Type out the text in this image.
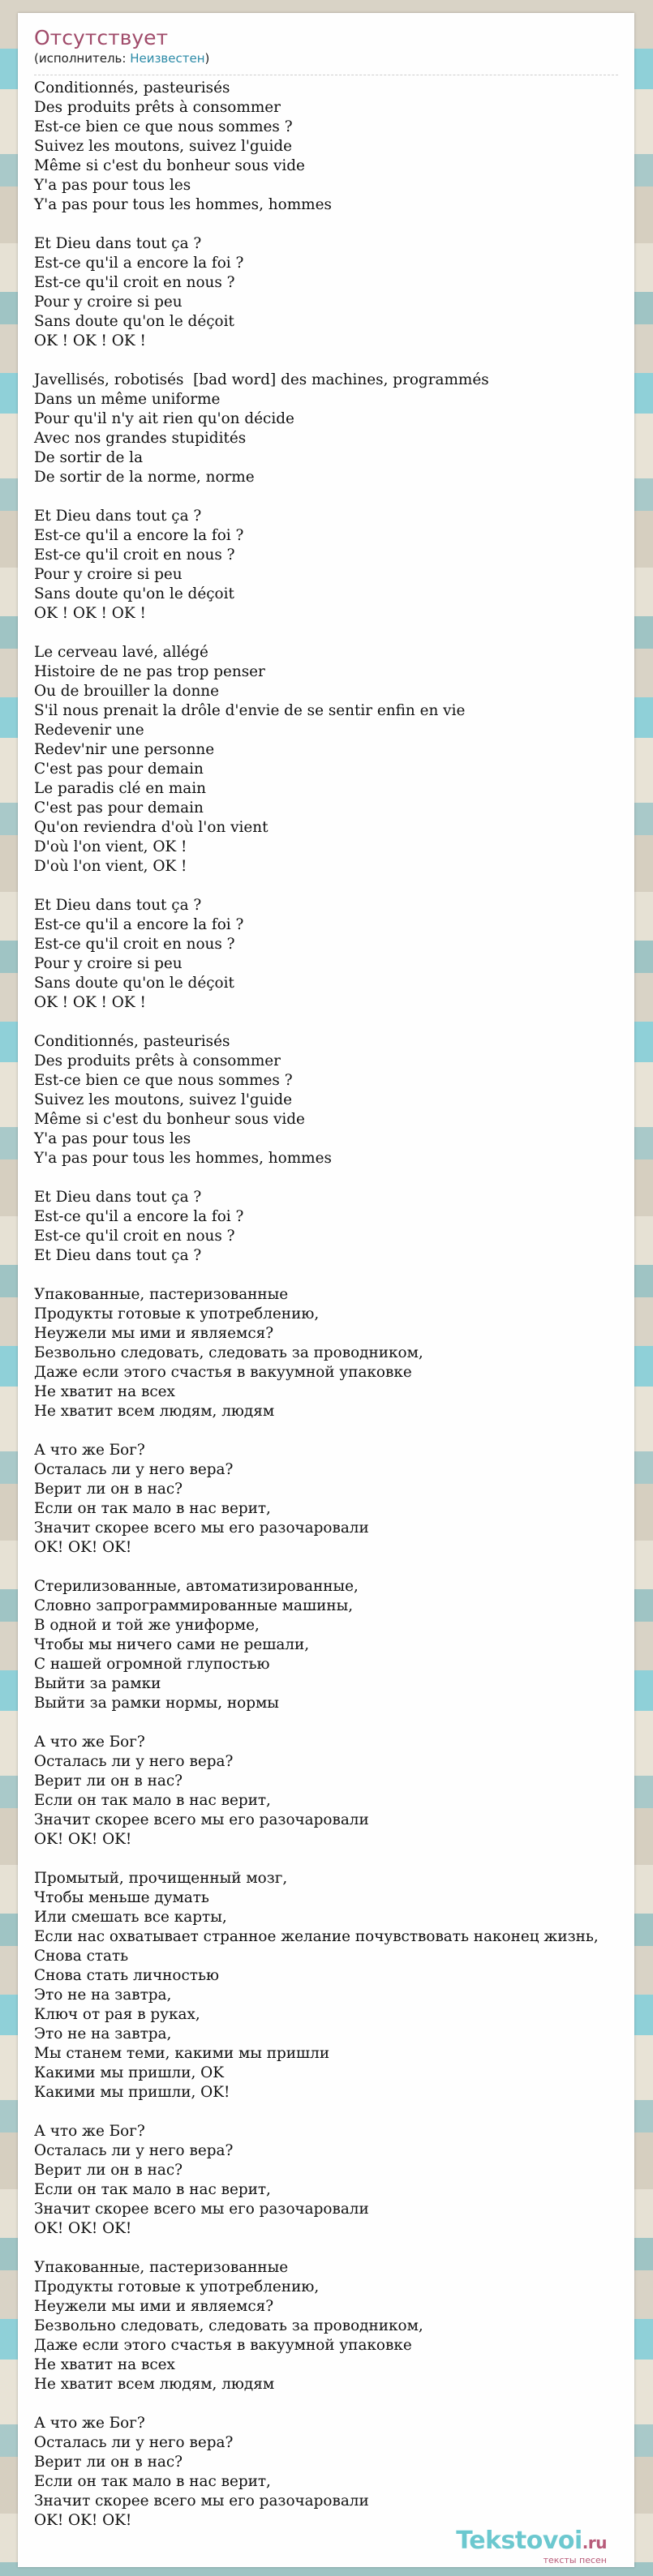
Отсутствует
(исполнитель: Неизвестен)
Conditionnés, pasteurisés
Des produits prêts à consommer
Est-ce bien ce que nous sommes ?
Suivez les moutons, suivez l'guide
Même si c'est du bonheur sous vide
Y'a pas pour tous les
Y'a pas pour tous les hommes, hommes
Et Dieu dans tout ça ?
Est-ce qu'il a encore la foi ?
Est-ce qu'il croit en nous ?
Pour y croire si peu
Sans doute qu'on le déçoit
OK ! OK ! OK !
Javellisés, robotisés  [bad word] des machines, programmés
Dans un même uniforme
Pour qu'il n'y ait rien qu'on décide
Avec nos grandes stupidités
De sortir de la
De sortir de la norme, norme
Et Dieu dans tout ça ?
Est-ce qu'il a encore la foi ?
Est-ce qu'il croit en nous ?
Pour y croire si peu
Sans doute qu'on le déçoit
OK ! OK ! OK !
Le cerveau lavé, allégé
Histoire de ne pas trop penser
Ou de brouiller la donne
S'il nous prenait la drôle d'envie de se sentir enfin en vie
Redevenir une
Redev'nir une personne
C'est pas pour demain
Le paradis clé en main
C'est pas pour demain
Qu'on reviendra d'où l'on vient
D'où l'on vient, OK !
D'où l'on vient, OK !
Et Dieu dans tout ça ?
Est-ce qu'il a encore la foi ?
Est-ce qu'il croit en nous ?
Pour y croire si peu
Sans doute qu'on le déçoit
OK ! OK ! OK !
Conditionnés, pasteurisés
Des produits prêts à consommer
Est-ce bien ce que nous sommes ?
Suivez les moutons, suivez l'guide
Même si c'est du bonheur sous vide
Y'a pas pour tous les
Y'a pas pour tous les hommes, hommes
Et Dieu dans tout ça ?
Est-ce qu'il a encore la foi ?
Est-ce qu'il croit en nous ?
Et Dieu dans tout ça ?
Упакованные, пастеризованные
Продукты готовые к употреблению,
Неужели мы ими и являемся?
Безвольно следовать, следовать за проводником,
Даже если этого счастья в вакуумной упаковке
Не хватит на всех
Не хватит всем людям, людям
А что же Бог?
Осталась ли у него вера?
Верит ли он в нас?
Если он так мало в нас верит,
Значит скорее всего мы его разочаровали
OK! OK! OK!
Стерилизованные, автоматизированные,
Словно запрограммированные машины,
В одной и той же униформе,
Чтобы мы ничего сами не решали,
С нашей огромной глупостью
Выйти за рамки
Выйти за рамки нормы, нормы
А что же Бог?
Осталась ли у него вера?
Верит ли он в нас?
Если он так мало в нас верит,
Значит скорее всего мы его разочаровали
OK! OK! OK!
Промытый, прочищенный мозг,
Чтобы меньше думать
Или смешать все карты,
Если нас охватывает странное желание почувствовать наконец жизнь,
Снова стать
Снова стать личностью
Это не на завтра,
Ключ от рая в руках,
Это не на завтра,
Мы станем теми, какими мы пришли
Какими мы пришли, OK
Какими мы пришли, OK!
А что же Бог?
Осталась ли у него вера?
Верит ли он в нас?
Если он так мало в нас верит,
Значит скорее всего мы его разочаровали
OK! OK! OK!
Упакованные, пастеризованные
Продукты готовые к употреблению,
Неужели мы ими и являемся?
Безвольно следовать, следовать за проводником,
Даже если этого счастья в вакуумной упаковке
Не хватит на всех
Не хватит всем людям, людям
А что же Бог?
Осталась ли у него вера?
Верит ли он в нас?
Если он так мало в нас верит,
Значит скорее всего мы его разочаровали
OK! OK! OK!
Tekstovoi.ru
тексты песен
